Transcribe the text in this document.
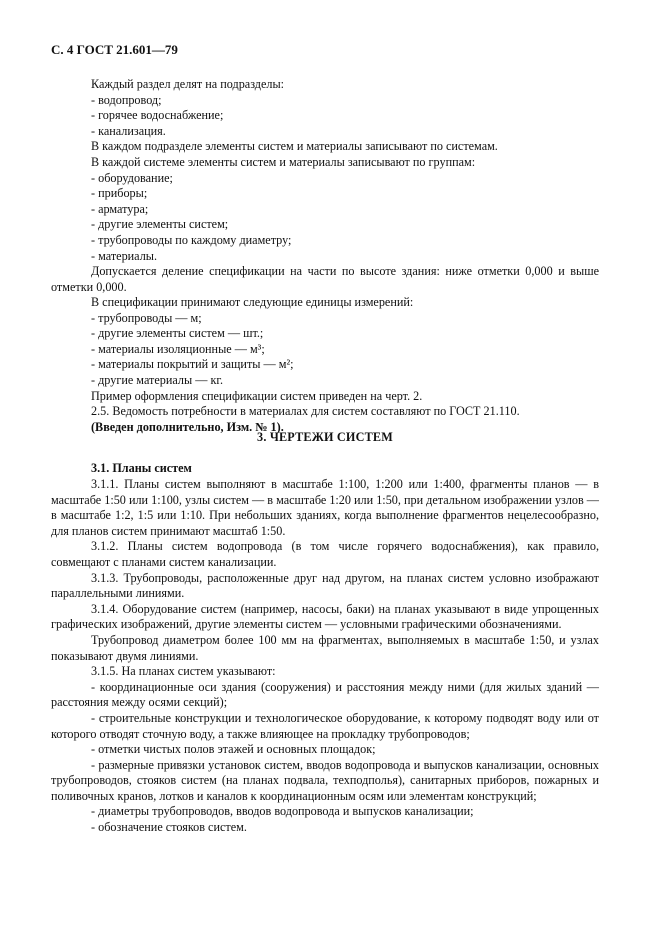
С. 4 ГОСТ 21.601—79

Каждый раздел делят на подразделы:

- водопровод;

- горячее водоснабжение;

- канализация.

В каждом подразделе элементы систем и материалы записывают по системам.

В каждой системе элементы систем и материалы записывают по группам:

- оборудование;

- приборы;

- арматура;

- другие элементы систем;

- трубопроводы по каждому диаметру;

- материалы.

Допускается деление спецификации на части по высоте здания: ниже отметки 0,000 и выше отметки 0,000.

В спецификации принимают следующие единицы измерений:

- трубопроводы — м;

- другие элементы систем — шт.;

- материалы изоляционные — м³;

- материалы покрытий и защиты — м²;

- другие материалы — кг.

Пример оформления спецификации систем приведен на черт. 2.

2.5. Ведомость потребности в материалах для систем составляют по ГОСТ 21.110.

(Введен дополнительно, Изм. № 1).

3. ЧЕРТЕЖИ СИСТЕМ
3.1. Планы систем

3.1.1. Планы систем выполняют в масштабе 1:100, 1:200 или 1:400, фрагменты планов — в масштабе 1:50 или 1:100, узлы систем — в масштабе 1:20 или 1:50, при детальном изображении узлов — в масштабе 1:2, 1:5 или 1:10. При небольших зданиях, когда выполнение фрагментов нецелесообразно, для планов систем принимают масштаб 1:50.

3.1.2. Планы систем водопровода (в том числе горячего водоснабжения), как правило, совмещают с планами систем канализации.

3.1.3. Трубопроводы, расположенные друг над другом, на планах систем условно изображают параллельными линиями.

3.1.4. Оборудование систем (например, насосы, баки) на планах указывают в виде упрощенных графических изображений, другие элементы систем — условными графическими обозначениями.

Трубопровод диаметром более 100 мм на фрагментах, выполняемых в масштабе 1:50, и узлах показывают двумя линиями.

3.1.5. На планах систем указывают:

- координационные оси здания (сооружения) и расстояния между ними (для жилых зданий — расстояния между осями секций);

- строительные конструкции и технологическое оборудование, к которому подводят воду или от которого отводят сточную воду, а также влияющее на прокладку трубопроводов;

- отметки чистых полов этажей и основных площадок;

- размерные привязки установок систем, вводов водопровода и выпусков канализации, основных трубопроводов, стояков систем (на планах подвала, техподполья), санитарных приборов, пожарных и поливочных кранов, лотков и каналов к координационным осям или элементам конструкций;

- диаметры трубопроводов, вводов водопровода и выпусков канализации;

- обозначение стояков систем.
